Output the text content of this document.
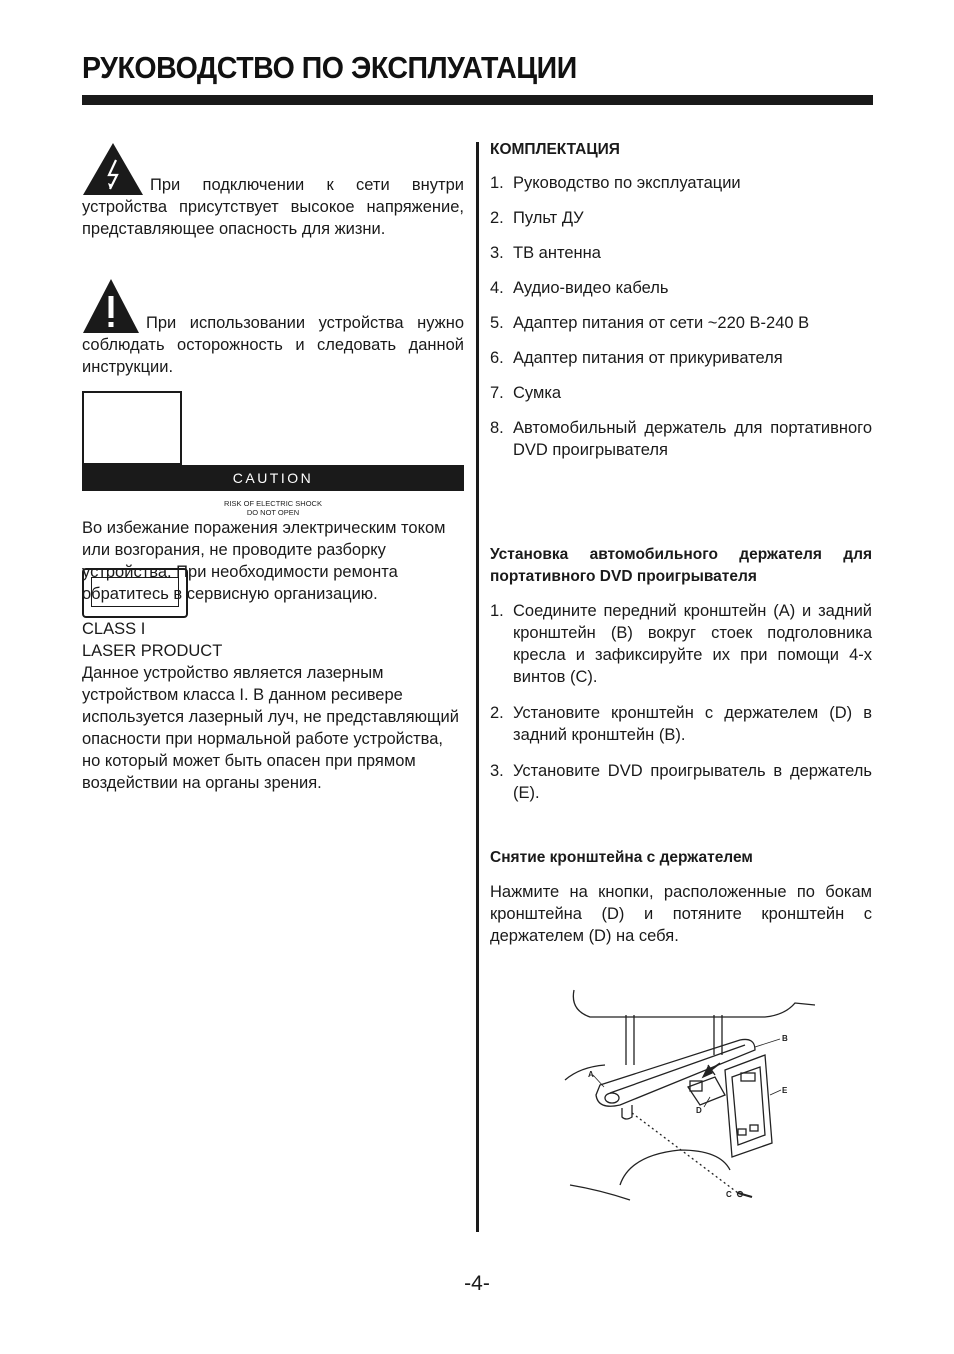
РУКОВОДСТВО ПО ЭКСПЛУАТАЦИИ

При подключении к сети внутри устройства присутствует высокое напряжение, представляющее опасность для жизни.

При использовании устройства нужно соблюдать осторожность и следовать данной инструкции.

CAUTION
RISK OF ELECTRIC SHOCK
DO NOT OPEN
Во избежание поражения электрическим током или возгорания, не проводите разборку устройства. При необходимости ремонта обратитесь в сервисную организацию.

CLASS I
LASER PRODUCT
Данное устройство является лазерным устройством класса I. В данном ресивере используется лазерный луч, не представляющий опасности при нормальной работе устройства, но который может быть опасен при прямом воздействии на органы зрения.

КОМПЛЕКТАЦИЯ

1. Руководство по эксплуатации
2. Пульт ДУ
3. ТВ антенна
4. Аудио-видео кабель
5. Адаптер питания от сети ~220 В-240 В
6. Адаптер питания от прикуривателя
7. Сумка
8. Автомобильный держатель для портативного DVD проигрывателя

Установка автомобильного держателя для портативного DVD проигрывателя

1. Соедините передний кронштейн (A) и задний кронштейн (B) вокруг стоек подголовника кресла и зафиксируйте их при помощи 4-х винтов (C).
2. Установите кронштейн с держателем (D) в задний кронштейн (B).
3. Установите DVD проигрыватель в держатель (E).

Снятие кронштейна с держателем

Нажмите на кнопки, расположенные по бокам кронштейна (D) и потяните кронштейн с держателем (D) на себя.

A
B
C
D
E
-4-
